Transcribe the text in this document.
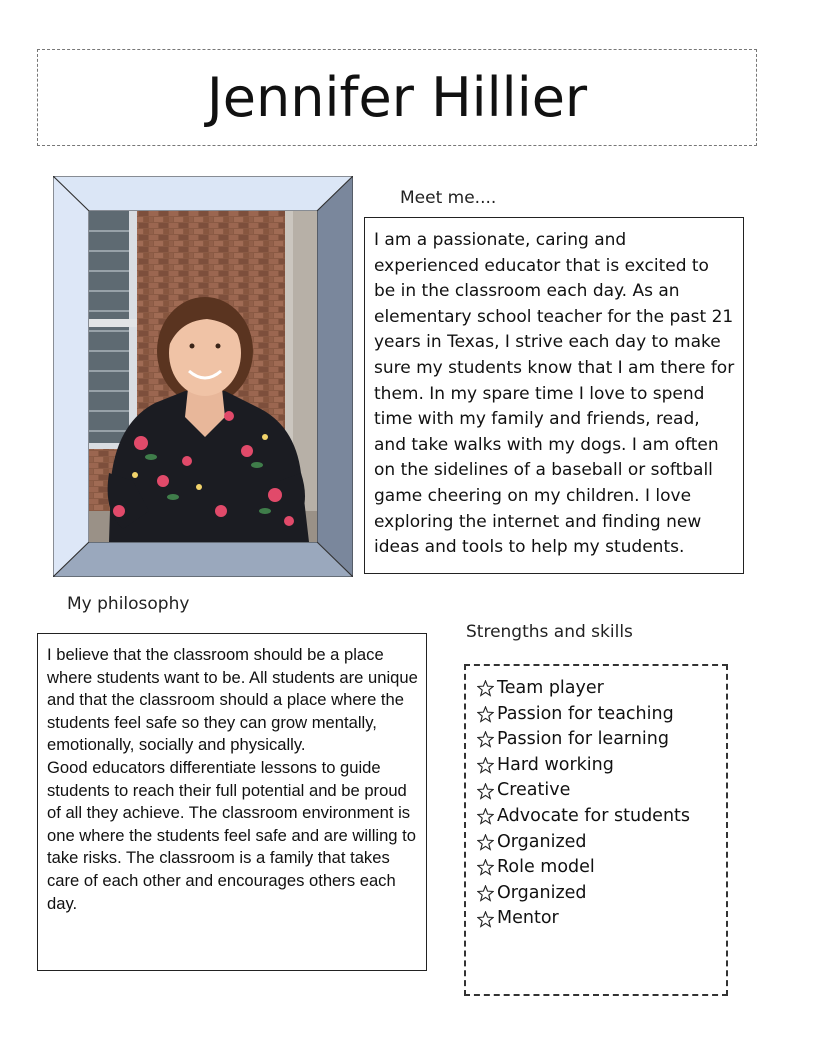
Jennifer Hillier
Meet me....
I am a passionate, caring and experienced educator that is excited to be in the classroom each day. As an elementary school teacher for the past 21 years in Texas, I strive each day to make sure my students know that I am there for them. In my spare time I love to spend time with my family and friends, read, and take walks with my dogs. I am often on the sidelines of a baseball or softball game cheering on my children. I love exploring the internet and finding new ideas and tools to help my students.
My philosophy

I believe that the classroom should be a place where students want to be. All students are unique and that the classroom should a place where the students feel safe so they can grow mentally, emotionally, socially and physically.

Good educators differentiate lessons to guide students to reach their full potential and be proud of all they achieve. The classroom environment is one where the students feel safe and are willing to take risks. The classroom is a family that takes care of each other and encourages others each day.

Strengths and skills
Team player
Passion for teaching
Passion for learning
Hard working
Creative
Advocate for students
Organized
Role model
Organized
Mentor
